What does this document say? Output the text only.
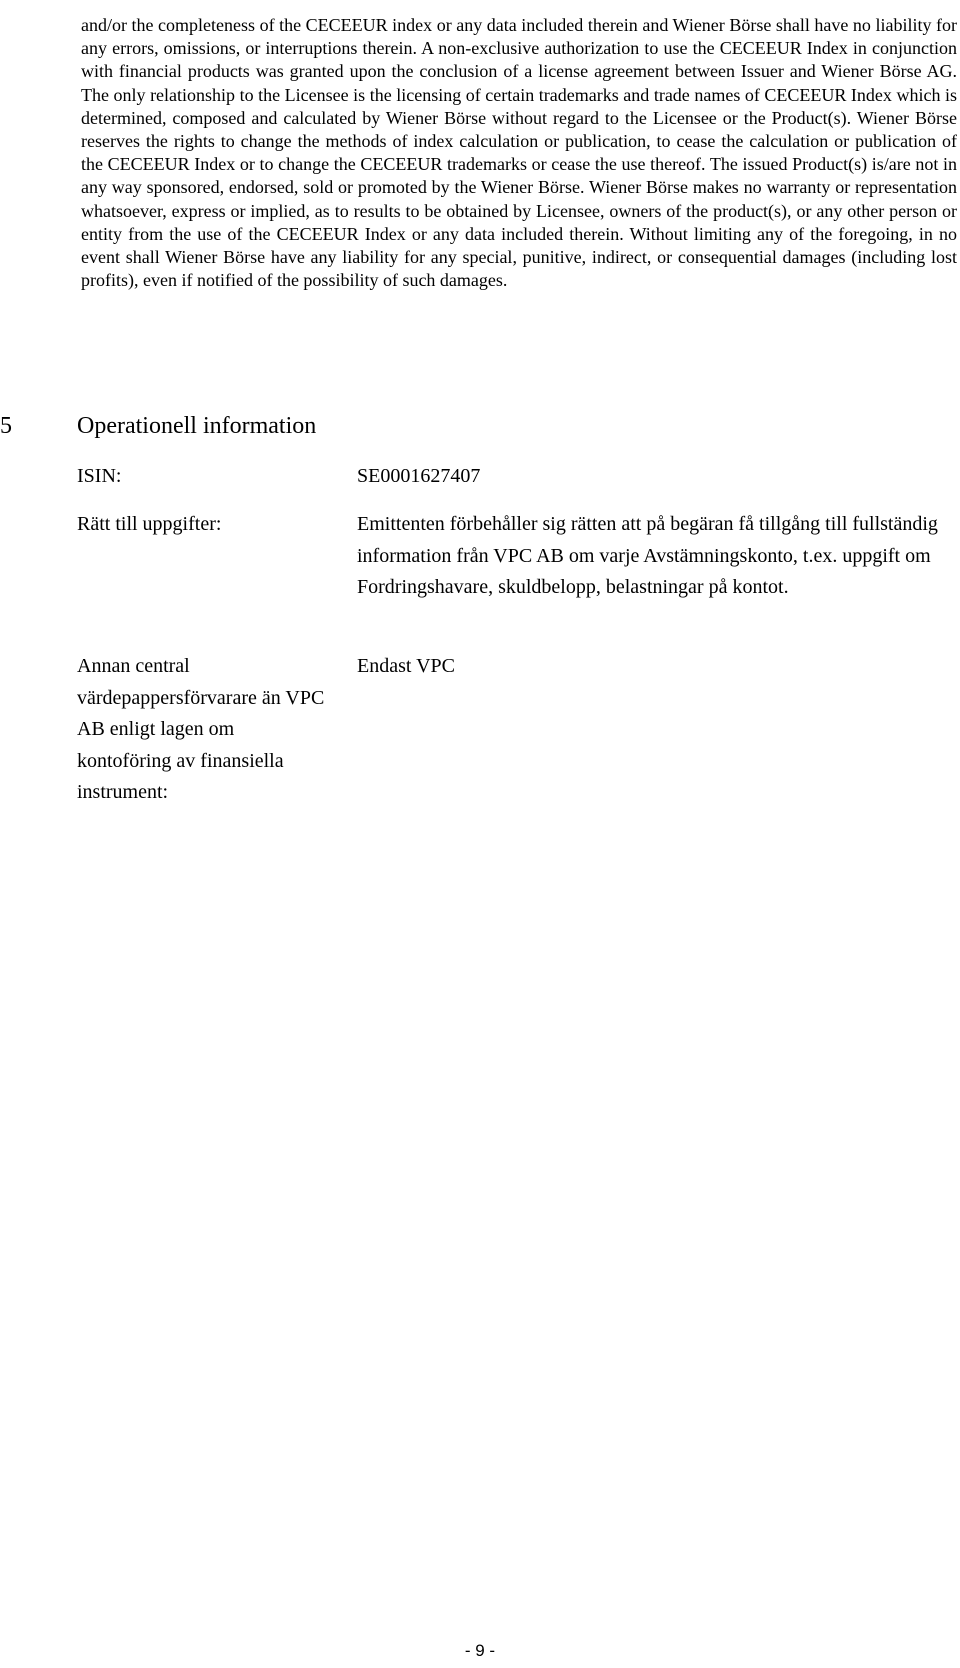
and/or the completeness of the CECEEUR index or any data included therein and Wiener Börse shall have no liability for any errors, omissions, or interruptions therein. A non-exclusive authorization to use the CECEEUR Index in conjunction with financial products was granted upon the conclusion of a license agreement between Issuer and Wiener Börse AG. The only relationship to the Licensee is the licensing of certain trademarks and trade names of CECEEUR Index which is determined, composed and calculated by Wiener Börse without regard to the Licensee or the Product(s). Wiener Börse reserves the rights to change the methods of index calculation or publication, to cease the calculation or publication of the CECEEUR Index or to change the CECEEUR trademarks or cease the use thereof. The issued Product(s) is/are not in any way sponsored, endorsed, sold or promoted by the Wiener Börse. Wiener Börse makes no warranty or representation whatsoever, express or implied, as to results to be obtained by Licensee, owners of the product(s), or any other person or entity from the use of the CECEEUR Index or any data included therein. Without limiting any of the foregoing, in no event shall Wiener Börse have any liability for any special, punitive, indirect, or consequential damages (including lost profits), even if notified of the possibility of such damages.

5	Operationell information
ISIN:	SE0001627407
Rätt till uppgifter:	Emittenten förbehåller sig rätten att på begäran få tillgång till fullständig information från VPC AB om varje Avstämningskonto, t.ex. uppgift om Fordringshavare, skuldbelopp, belastningar på kontot.
Annan central värdepappersförvarare än VPC AB enligt lagen om kontoföring av finansiella instrument:
Endast VPC
- 9 -
